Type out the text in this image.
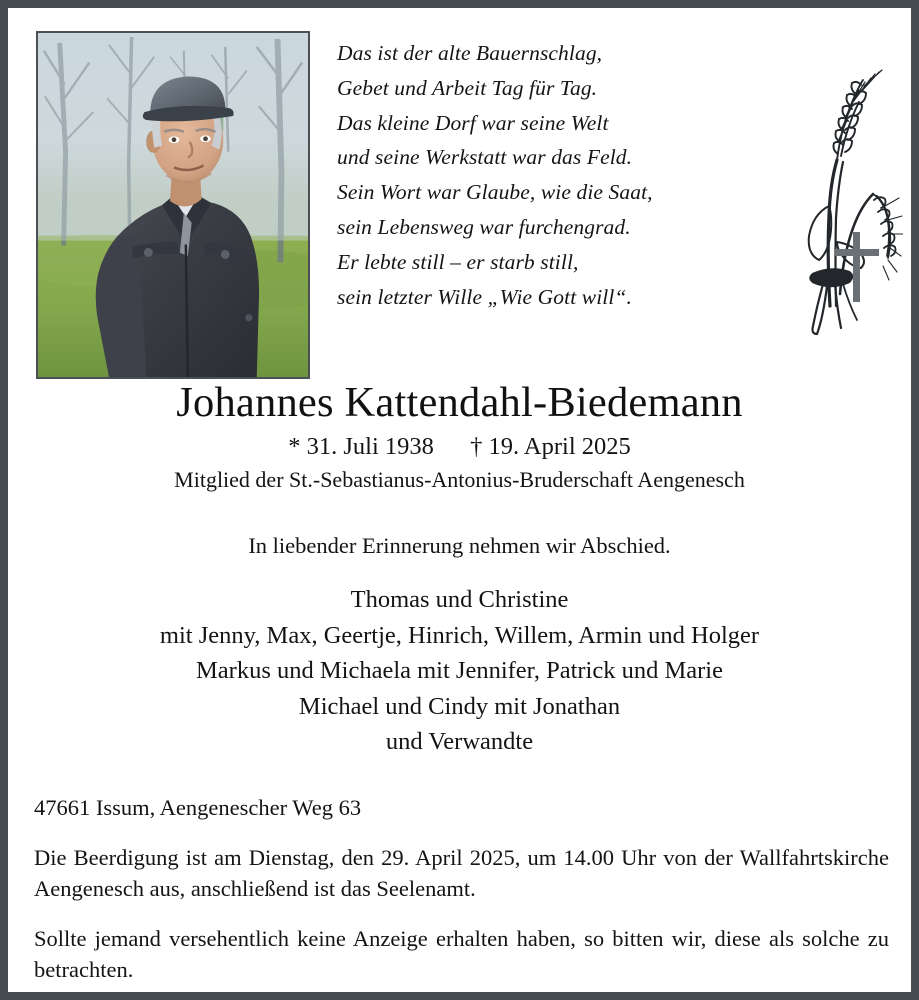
Das ist der alte Bauernschlag,
Gebet und Arbeit Tag für Tag.
Das kleine Dorf war seine Welt
und seine Werkstatt war das Feld.
Sein Wort war Glaube, wie die Saat,
sein Lebensweg war furchengrad.
Er lebte still – er starb still,
sein letzter Wille „Wie Gott will“.
Johannes Kattendahl-Biedemann
* 31. Juli 1938 † 19. April 2025
Mitglied der St.-Sebastianus-Antonius-Bruderschaft Aengenesch
In liebender Erinnerung nehmen wir Abschied.
Thomas und Christine
mit Jenny, Max, Geertje, Hinrich, Willem, Armin und Holger
Markus und Michaela mit Jennifer, Patrick und Marie
Michael und Cindy mit Jonathan
und Verwandte
47661 Issum, Aengenescher Weg 63
Die Beerdigung ist am Dienstag, den 29. April 2025, um 14.00 Uhr von der Wallfahrtskirche Aengenesch aus, anschließend ist das Seelenamt.
Sollte jemand versehentlich keine Anzeige erhalten haben, so bitten wir, diese als solche zu betrachten.
